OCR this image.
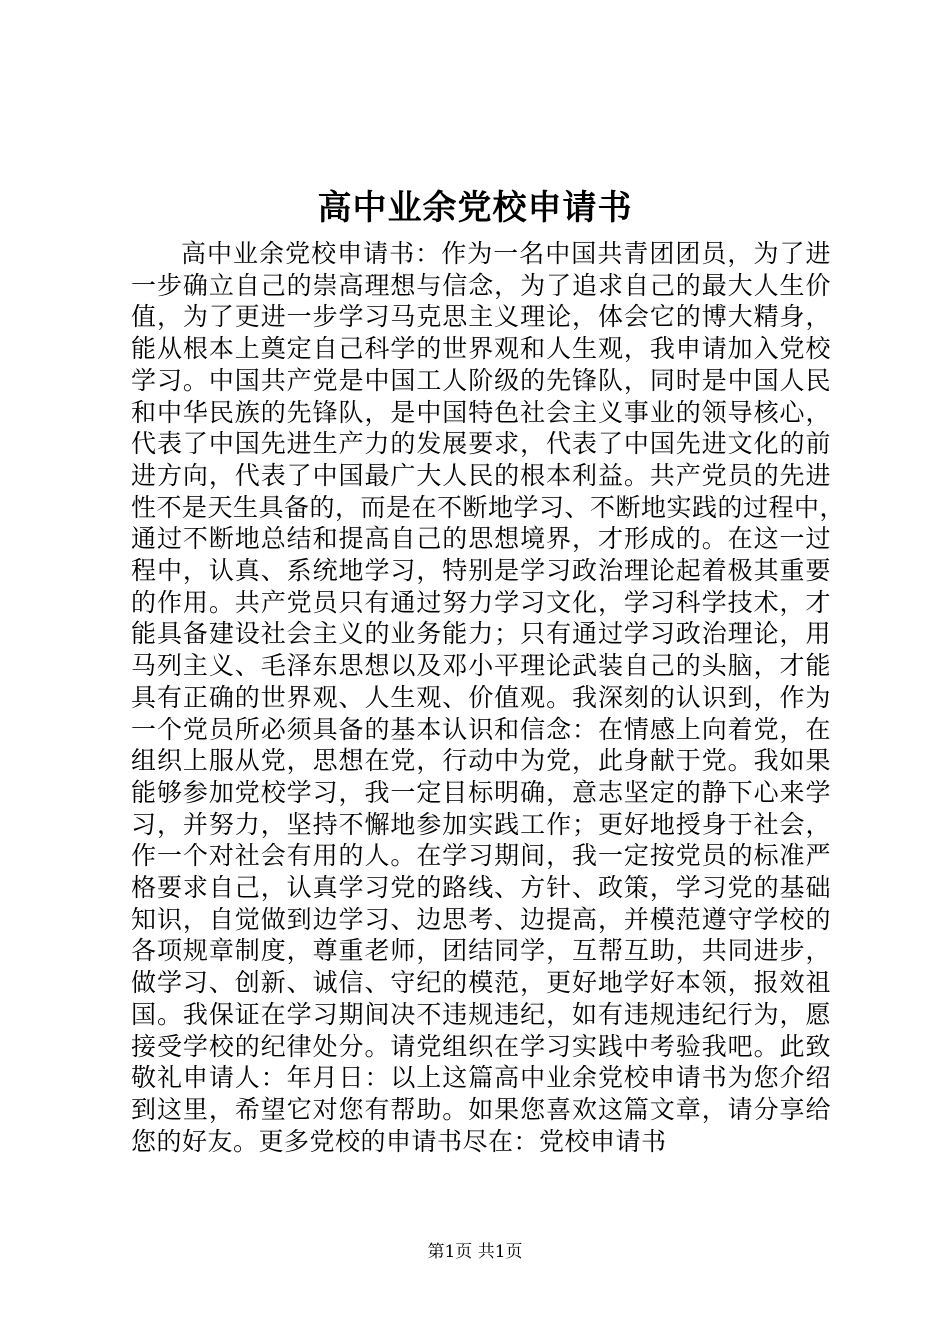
高中业余党校申请书
高中业余党校申请书：作为一名中国共青团团员，为了进
一步确立自己的崇高理想与信念，为了追求自己的最大人生价
值，为了更进一步学习马克思主义理论，体会它的博大精身，
能从根本上奠定自己科学的世界观和人生观，我申请加入党校
学习。中国共产党是中国工人阶级的先锋队，同时是中国人民
和中华民族的先锋队，是中国特色社会主义事业的领导核心，
代表了中国先进生产力的发展要求，代表了中国先进文化的前
进方向，代表了中国最广大人民的根本利益。共产党员的先进
性不是天生具备的，而是在不断地学习、不断地实践的过程中，
通过不断地总结和提高自己的思想境界，才形成的。在这一过
程中，认真、系统地学习，特别是学习政治理论起着极其重要
的作用。共产党员只有通过努力学习文化，学习科学技术，才
能具备建设社会主义的业务能力；只有通过学习政治理论，用
马列主义、毛泽东思想以及邓小平理论武装自己的头脑，才能
具有正确的世界观、人生观、价值观。我深刻的认识到，作为
一个党员所必须具备的基本认识和信念：在情感上向着党，在
组织上服从党，思想在党，行动中为党，此身献于党。我如果
能够参加党校学习，我一定目标明确，意志坚定的静下心来学
习，并努力，坚持不懈地参加实践工作；更好地授身于社会，
作一个对社会有用的人。在学习期间，我一定按党员的标准严
格要求自己，认真学习党的路线、方针、政策，学习党的基础
知识，自觉做到边学习、边思考、边提高，并模范遵守学校的
各项规章制度，尊重老师，团结同学，互帮互助，共同进步，
做学习、创新、诚信、守纪的模范，更好地学好本领，报效祖
国。我保证在学习期间决不违规违纪，如有违规违纪行为，愿
接受学校的纪律处分。请党组织在学习实践中考验我吧。此致
敬礼申请人：年月日：以上这篇高中业余党校申请书为您介绍
到这里，希望它对您有帮助。如果您喜欢这篇文章，请分享给
您的好友。更多党校的申请书尽在：党校申请书
第1页 共1页
